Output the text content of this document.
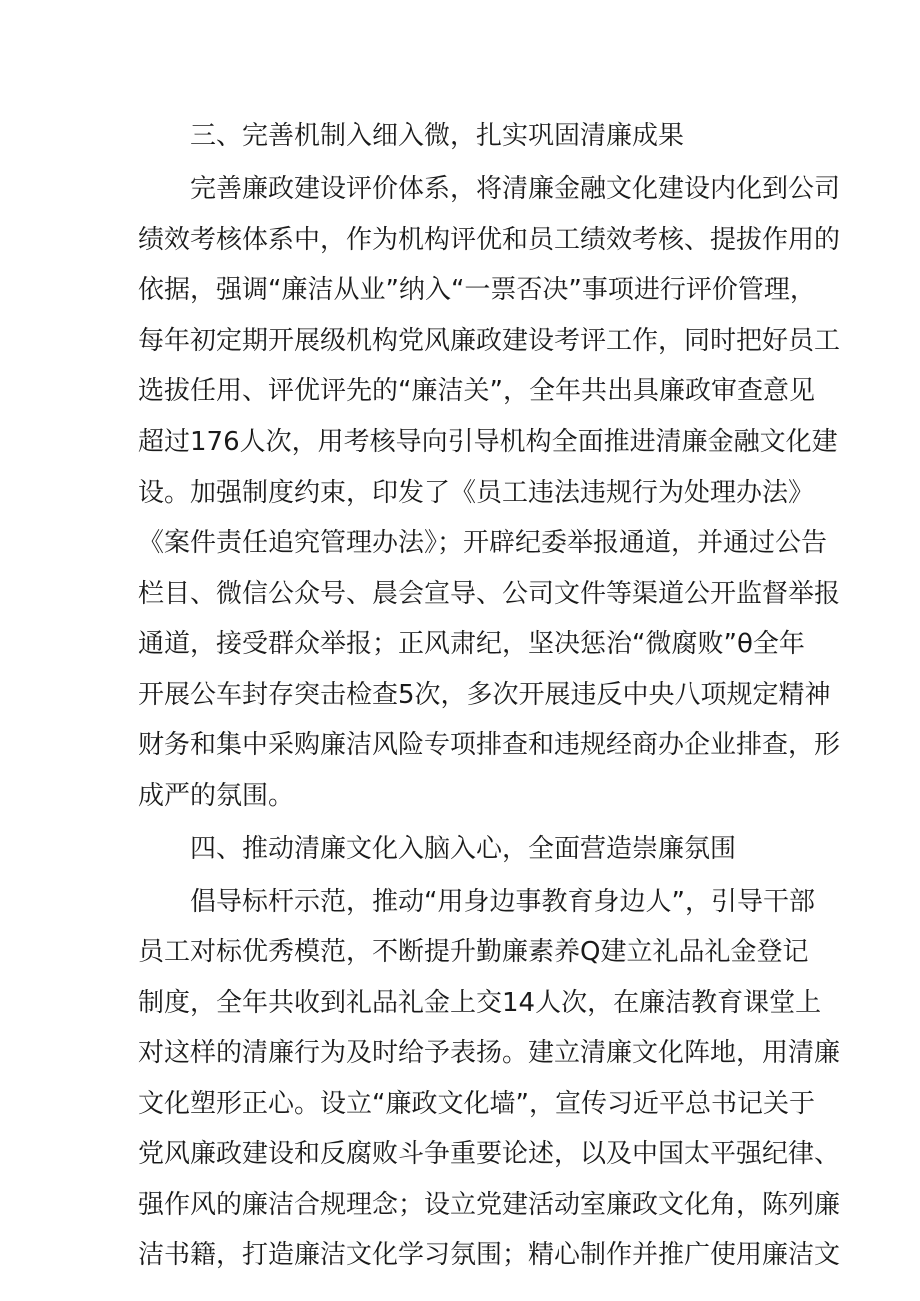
三、完善机制入细入微，扎实巩固清廉成果
完善廉政建设评价体系，将清廉金融文化建设内化到公司
绩效考核体系中，作为机构评优和员工绩效考核、提拔作用的
依据，强调“廉洁从业”纳入“一票否决”事项进行评价管理，
每年初定期开展级机构党风廉政建设考评工作，同时把好员工
选拔任用、评优评先的“廉洁关”，全年共出具廉政审查意见
超过176人次，用考核导向引导机构全面推进清廉金融文化建
设。加强制度约束，印发了《员工违法违规行为处理办法》
《案件责任追究管理办法》；开辟纪委举报通道，并通过公告
栏目、微信公众号、晨会宣导、公司文件等渠道公开监督举报
通道，接受群众举报；正风肃纪，坚决惩治“微腐败”θ全年
开展公车封存突击检查5次，多次开展违反中央八项规定精神
财务和集中采购廉洁风险专项排查和违规经商办企业排查，形
成严的氛围。
四、推动清廉文化入脑入心，全面营造崇廉氛围
倡导标杆示范，推动“用身边事教育身边人”，引导干部
员工对标优秀模范，不断提升勤廉素养Q建立礼品礼金登记
制度，全年共收到礼品礼金上交14人次，在廉洁教育课堂上
对这样的清廉行为及时给予表扬。建立清廉文化阵地，用清廉
文化塑形正心。设立“廉政文化墙”，宣传习近平总书记关于
党风廉政建设和反腐败斗争重要论述，以及中国太平强纪律、
强作风的廉洁合规理念；设立党建活动室廉政文化角，陈列廉
洁书籍，打造廉洁文化学习氛围；精心制作并推广使用廉洁文
